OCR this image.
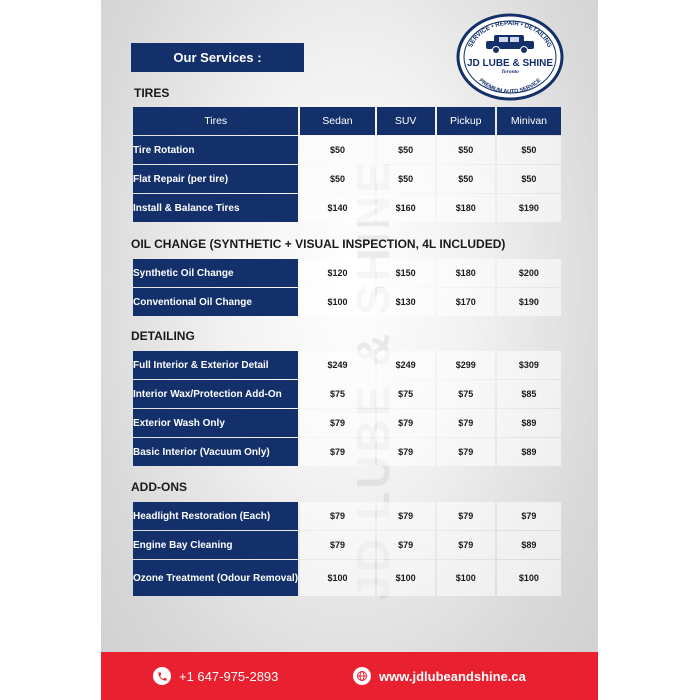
& SHINE
Our Services :
SERVICE • REPAIR • DETAILING
JD LUBE & SHINE
Toronto
PREMIUM AUTO SERVICE
TIRES
Tires	Sedan	SUV	Pickup	Minivan
Tire Rotation	$50	$50	$50	$50
Flat Repair (per tire)	$50	$50	$50	$50
Install & Balance Tires	$140	$160	$180	$190
OIL CHANGE (SYNTHETIC + VISUAL INSPECTION, 4L INCLUDED)
Synthetic Oil Change	$120	$150	$180	$200
Conventional Oil Change	$100	$130	$170	$190
DETAILING
Full Interior & Exterior Detail	$249	$249	$299	$309
Interior Wax/Protection Add-On	$75	$75	$75	$85
Exterior Wash Only	$79	$79	$79	$89
Basic Interior (Vacuum Only)	$79	$79	$79	$89
ADD-ONS
Headlight Restoration (Each)	$79	$79	$79	$79
Engine Bay Cleaning	$79	$79	$79	$89
Ozone Treatment (Odour Removal)	$100	$100	$100	$100
+1 647-975-2893	www.jdlubeandshine.ca
